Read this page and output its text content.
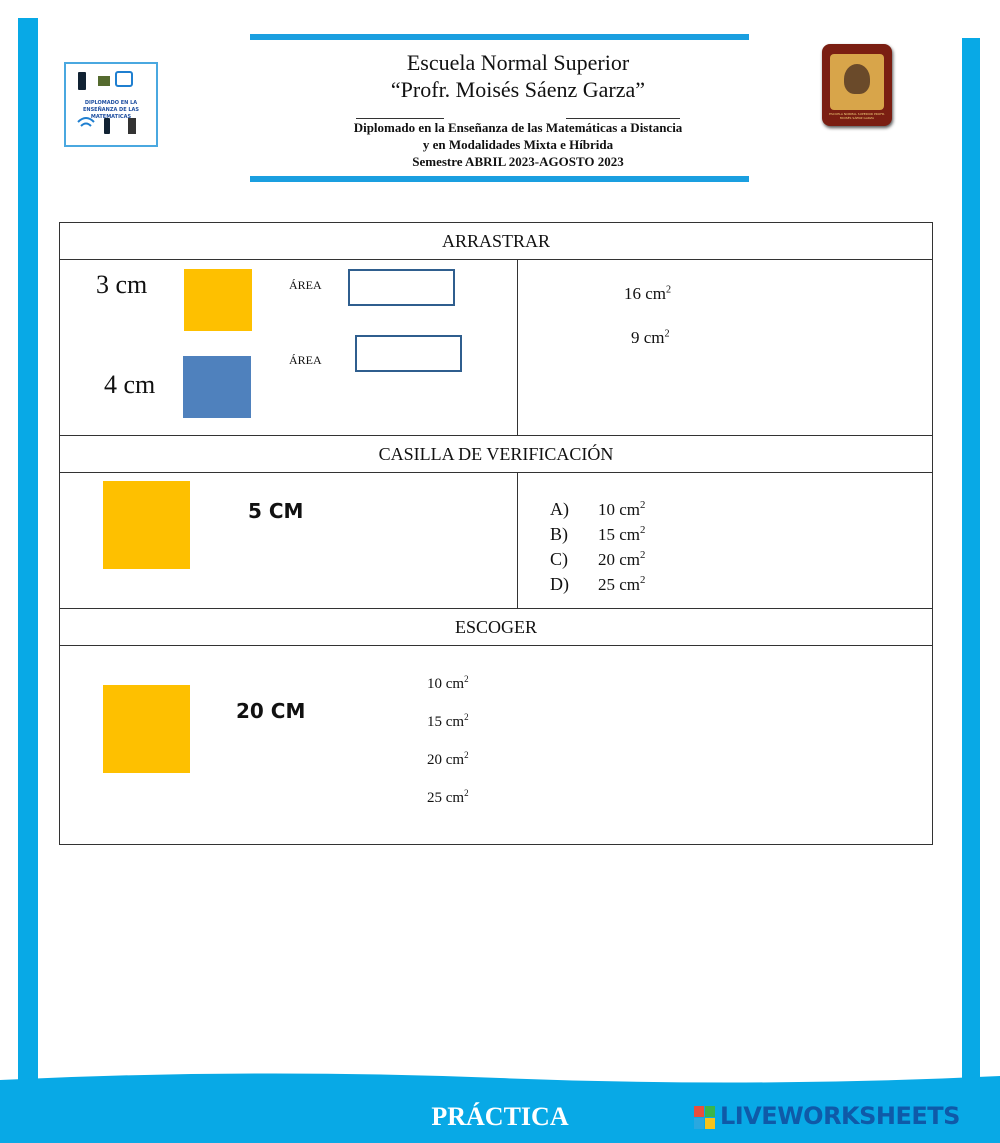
DIPLOMADO EN LA ENSEÑANZA DE LAS MATEMATICAS	ESCUELA NORMAL SUPERIOR PROFR. MOISÉS SÁENZ GARZA
Escuela Normal Superior
“Profr. Moisés Sáenz Garza”
Diplomado en la Enseñanza de las Matemáticas a Distancia
y en Modalidades Mixta e Híbrida
Semestre ABRIL 2023-AGOSTO 2023
ARRASTRAR
3 cm	ÁREA
4 cm
ÁREA
16 $cm^2$
9 $cm^2$
CASILLA DE VERIFICACIÓN
5 CM	A) 10 $cm^2$
B) 15 $cm^2$
C) 20 $cm^2$
D) 25 $cm^2$
ESCOGER
20 CM
10 $cm^2$
15 $cm^2$
20 $cm^2$
25 $cm^2$
PRÁCTICA	LIVEWORKSHEETS
